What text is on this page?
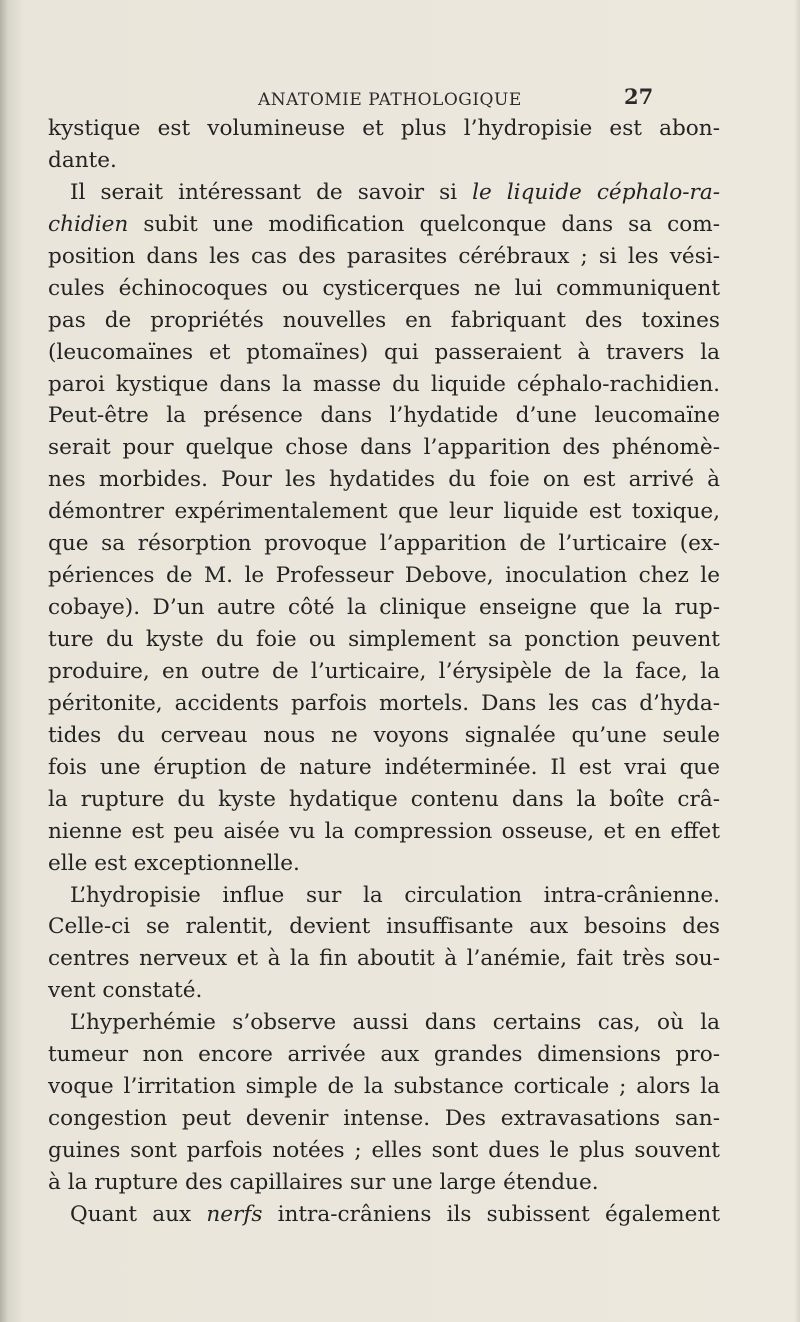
ANATOMIE PATHOLOGIQUE	27
kystique est volumineuse et plus l’hydropisie est abon-
dante.
Il serait intéressant de savoir si le liquide céphalo-ra-
chidien subit une modification quelconque dans sa com-
position dans les cas des parasites cérébraux ; si les vési-
cules échinocoques ou cysticerques ne lui communiquent
pas de propriétés nouvelles en fabriquant des toxines
(leucomaïnes et ptomaïnes) qui passeraient à travers la
paroi kystique dans la masse du liquide céphalo-rachidien.
Peut-être la présence dans l’hydatide d’une leucomaïne
serait pour quelque chose dans l’apparition des phénomè-
nes morbides. Pour les hydatides du foie on est arrivé à
démontrer expérimentalement que leur liquide est toxique,
que sa résorption provoque l’apparition de l’urticaire (ex-
périences de M. le Professeur Debove, inoculation chez le
cobaye). D’un autre côté la clinique enseigne que la rup-
ture du kyste du foie ou simplement sa ponction peuvent
produire, en outre de l’urticaire, l’érysipèle de la face, la
péritonite, accidents parfois mortels. Dans les cas d’hyda-
tides du cerveau nous ne voyons signalée qu’une seule
fois une éruption de nature indéterminée. Il est vrai que
la rupture du kyste hydatique contenu dans la boîte crâ-
nienne est peu aisée vu la compression osseuse, et en effet
elle est exceptionnelle.
L’hydropisie influe sur la circulation intra-crânienne.
Celle-ci se ralentit, devient insuffisante aux besoins des
centres nerveux et à la fin aboutit à l’anémie, fait très sou-
vent constaté.
L’hyperhémie s’observe aussi dans certains cas, où la
tumeur non encore arrivée aux grandes dimensions pro-
voque l’irritation simple de la substance corticale ; alors la
congestion peut devenir intense. Des extravasations san-
guines sont parfois notées ; elles sont dues le plus souvent
à la rupture des capillaires sur une large étendue.
Quant aux nerfs intra-crâniens ils subissent également
